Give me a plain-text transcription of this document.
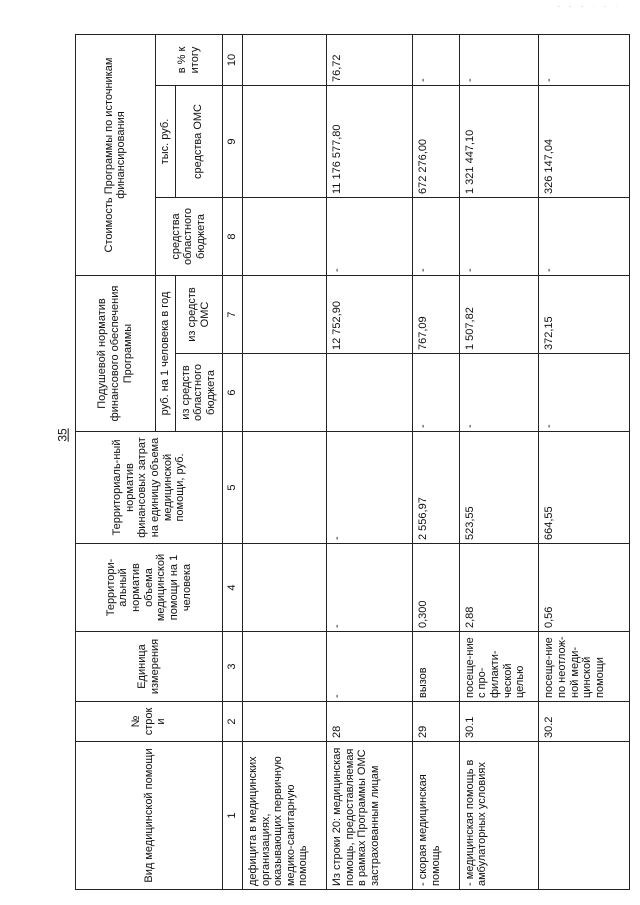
- - - · - ·
35
Вид медицинской помощи	№ строки	Единица измерения	Территори-альный норматив объема медицинской помощи на 1 человека	Территориаль-ный норматив финансовых затрат на единицу объема медицинской помощи, руб.	Подушевой норматив финансового обеспечения Программы		Стоимость Программы по источникам финансирования		
					руб. на 1 человека в год		средства областного бюджета	тыс. руб.	в % к итогу
					из средств областного бюджета	из средств ОМС		средства ОМС	
1	2	3	4	5	6	7	8	9	10
дефицита в медицинских организациях, оказывающих первичную медико-санитарную помощь									
Из строки 20: медицинская помощь, предоставляемая в рамках Программы ОМС застрахованным лицам	28	-	-	-		12 752,90	-	11 176 577,80	76,72
- скорая медицинская помощь	29	вызов	0,300	2 556,97	-	767,09	-	672 276,00	-
- медицинская помощь в амбулаторных условиях	30.1	посеще-ние с про-филакти-ческой целью	2,88	523,55	-	1 507,82	-	1 321 447,10	-
	30.2	посеще-ние по неотлож-ной меди-цинской помощи	0,56	664,55	-	372,15	-	326 147,04	-
